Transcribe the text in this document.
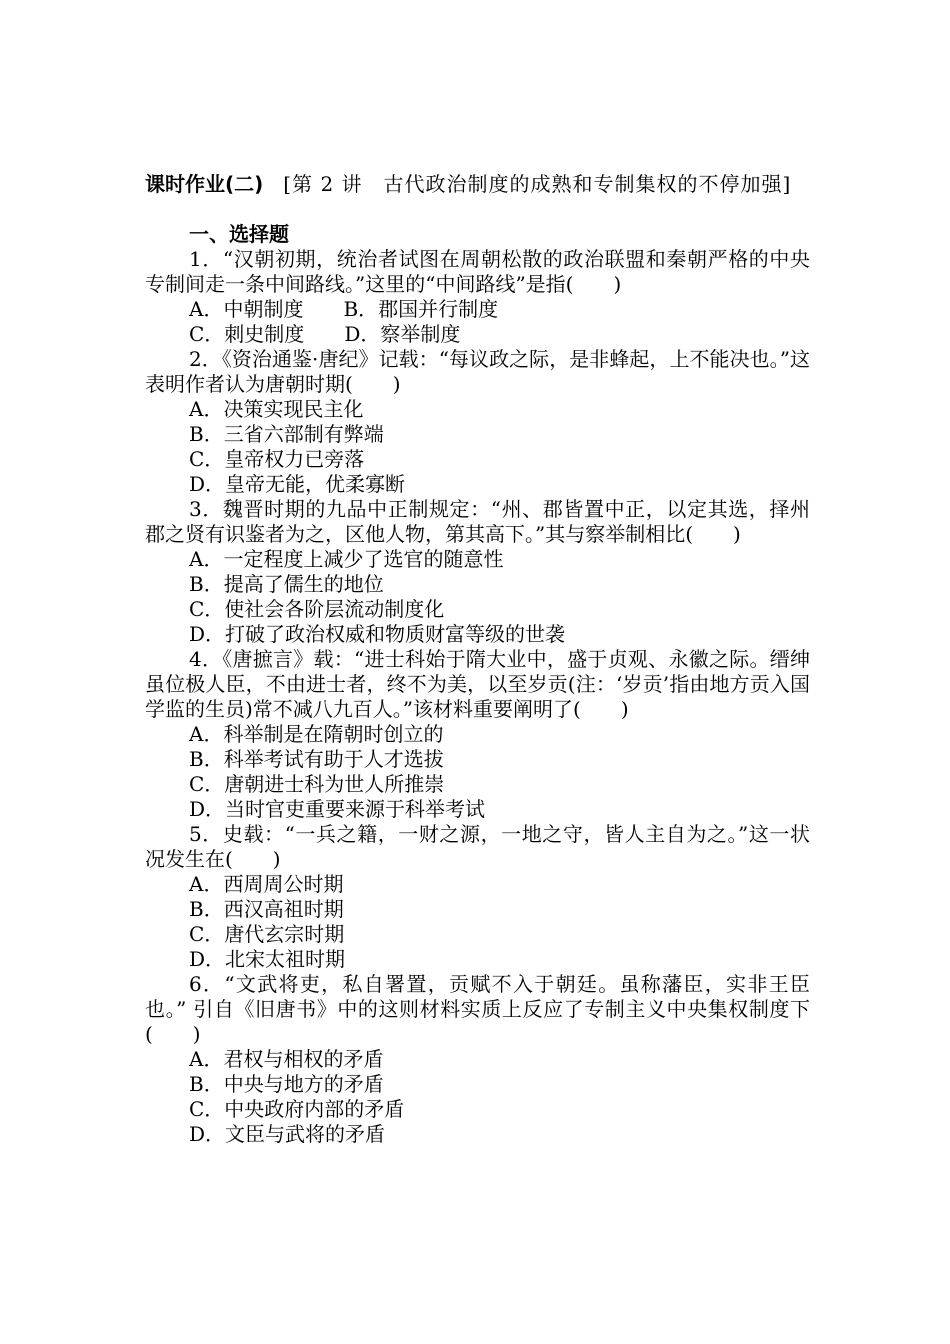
课时作业(二)　 [第 2 讲　古代政治制度的成熟和专制集权的不停加强]

一、选择题

1．“汉朝初期，统治者试图在周朝松散的政治联盟和秦朝严格的中央专制间走一条中间路线。”这里的“中间路线”是指(　　)

A．中朝制度 B．郡国并行制度
C．刺史制度 D．察举制度

2．《资治通鉴·唐纪》记载：“每议政之际，是非蜂起，上不能决也。”这表明作者认为唐朝时期(　　)

A．决策实现民主化
B．三省六部制有弊端
C．皇帝权力已旁落
D．皇帝无能，优柔寡断

3．魏晋时期的九品中正制规定：“州、郡皆置中正，以定其选，择州郡之贤有识鉴者为之，区他人物，第其高下。”其与察举制相比(　　)

A．一定程度上减少了选官的随意性
B．提高了儒生的地位
C．使社会各阶层流动制度化
D．打破了政治权威和物质财富等级的世袭

4．《唐摭言》载：“进士科始于隋大业中，盛于贞观、永徽之际。缙绅虽位极人臣，不由进士者，终不为美，以至岁贡(注：‘岁贡’指由地方贡入国学监的生员)常不减八九百人。”该材料重要阐明了(　　)

A．科举制是在隋朝时创立的
B．科举考试有助于人才选拔
C．唐朝进士科为世人所推崇
D．当时官吏重要来源于科举考试

5．史载：“一兵之籍，一财之源，一地之守，皆人主自为之。”这一状况发生在(　　)

A．西周周公时期
B．西汉高祖时期
C．唐代玄宗时期
D．北宋太祖时期

6．“文武将吏，私自署置，贡赋不入于朝廷。虽称藩臣，实非王臣也。” 引自《旧唐书》中的这则材料实质上反应了专制主义中央集权制度下(　　)

A．君权与相权的矛盾
B．中央与地方的矛盾
C．中央政府内部的矛盾
D．文臣与武将的矛盾
